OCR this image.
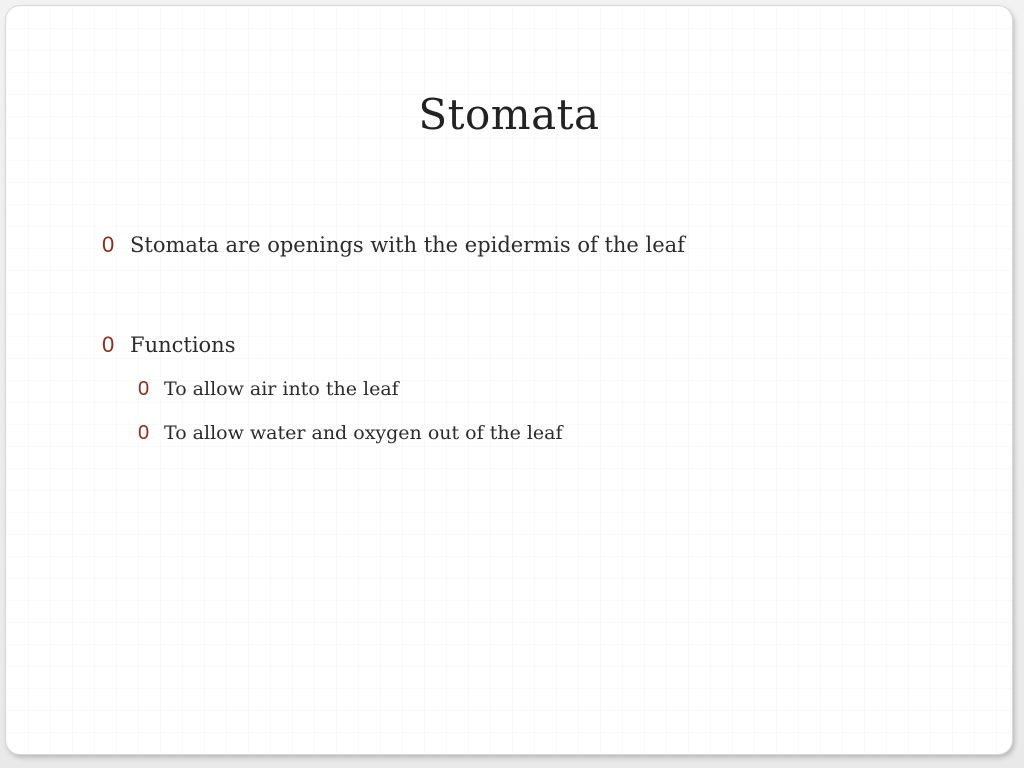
Stomata
0 Stomata are openings with the epidermis of the leaf
0 Functions
0 To allow air into the leaf
0 To allow water and oxygen out of the leaf
